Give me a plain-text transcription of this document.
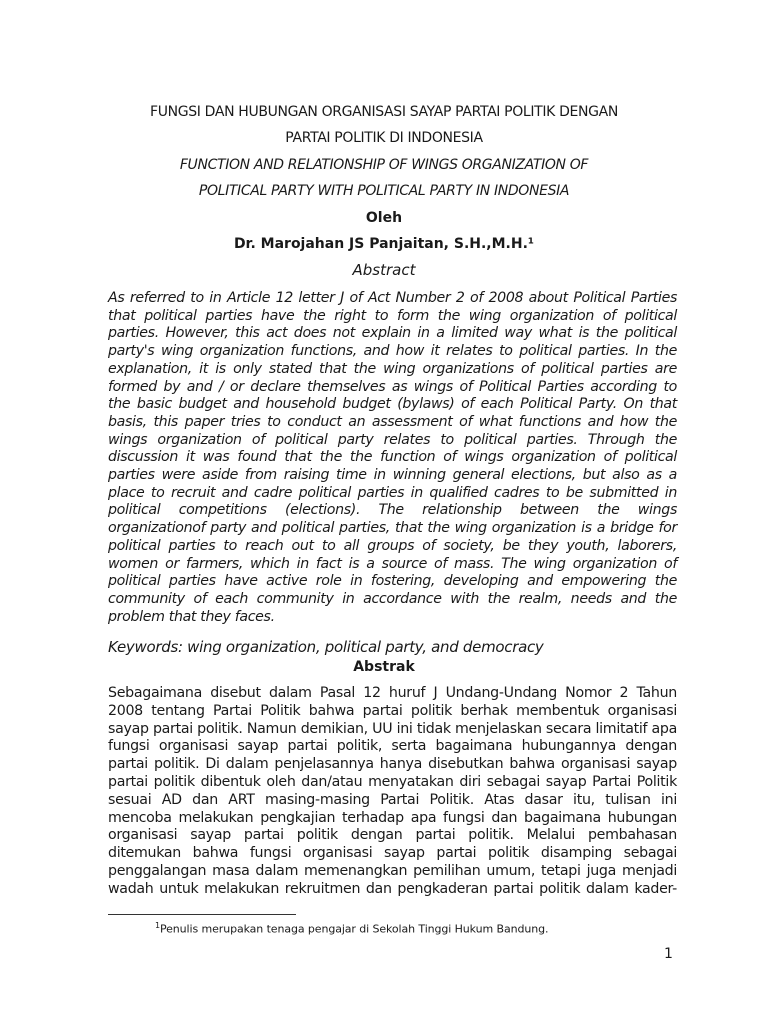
FUNGSI DAN HUBUNGAN ORGANISASI SAYAP PARTAI POLITIK DENGAN
PARTAI POLITIK DI INDONESIA
FUNCTION AND RELATIONSHIP OF WINGS ORGANIZATION OF
POLITICAL PARTY WITH POLITICAL PARTY IN INDONESIA
Oleh
Dr. Marojahan JS Panjaitan, S.H.,M.H.¹
Abstract
As referred to in Article 12 letter J of Act Number 2 of 2008 about Political Parties
that political parties have the right to form the wing organization of political
parties. However, this act does not explain in a limited way what is the political
party's wing organization functions, and how it relates to political parties. In the
explanation, it is only stated that the wing organizations of political parties are
formed by and / or declare themselves as wings of Political Parties according to
the basic budget and household budget (bylaws) of each Political Party. On that
basis, this paper tries to conduct an assessment of what functions and how the
wings organization of political party relates to political parties. Through the
discussion it was found that the the function of wings organization of political
parties were aside from raising time in winning general elections, but also as a
place to recruit and cadre political parties in qualified cadres to be submitted in
political competitions (elections). The relationship between the wings
organizationof party and political parties, that the wing organization is a bridge for
political parties to reach out to all groups of society, be they youth, laborers,
women or farmers, which in fact is a source of mass. The wing organization of
political parties have active role in fostering, developing and empowering the
community of each community in accordance with the realm, needs and the
problem that they faces.
Keywords: wing organization, political party, and democracy
Abstrak
Sebagaimana disebut dalam Pasal 12 huruf J Undang-Undang Nomor 2 Tahun
2008 tentang Partai Politik bahwa partai politik berhak membentuk organisasi
sayap partai politik. Namun demikian, UU ini tidak menjelaskan secara limitatif apa
fungsi organisasi sayap partai politik, serta bagaimana hubungannya dengan
partai politik. Di dalam penjelasannya hanya disebutkan bahwa organisasi sayap
partai politik dibentuk oleh dan/atau menyatakan diri sebagai sayap Partai Politik
sesuai AD dan ART masing-masing Partai Politik. Atas dasar itu, tulisan ini
mencoba melakukan pengkajian terhadap apa fungsi dan bagaimana hubungan
organisasi sayap partai politik dengan partai politik. Melalui pembahasan
ditemukan bahwa fungsi organisasi sayap partai politik disamping sebagai
penggalangan masa dalam memenangkan pemilihan umum, tetapi juga menjadi
wadah untuk melakukan rekruitmen dan pengkaderan partai politik dalam kader-
$^1$Penulis merupakan tenaga pengajar di Sekolah Tinggi Hukum Bandung.
1
